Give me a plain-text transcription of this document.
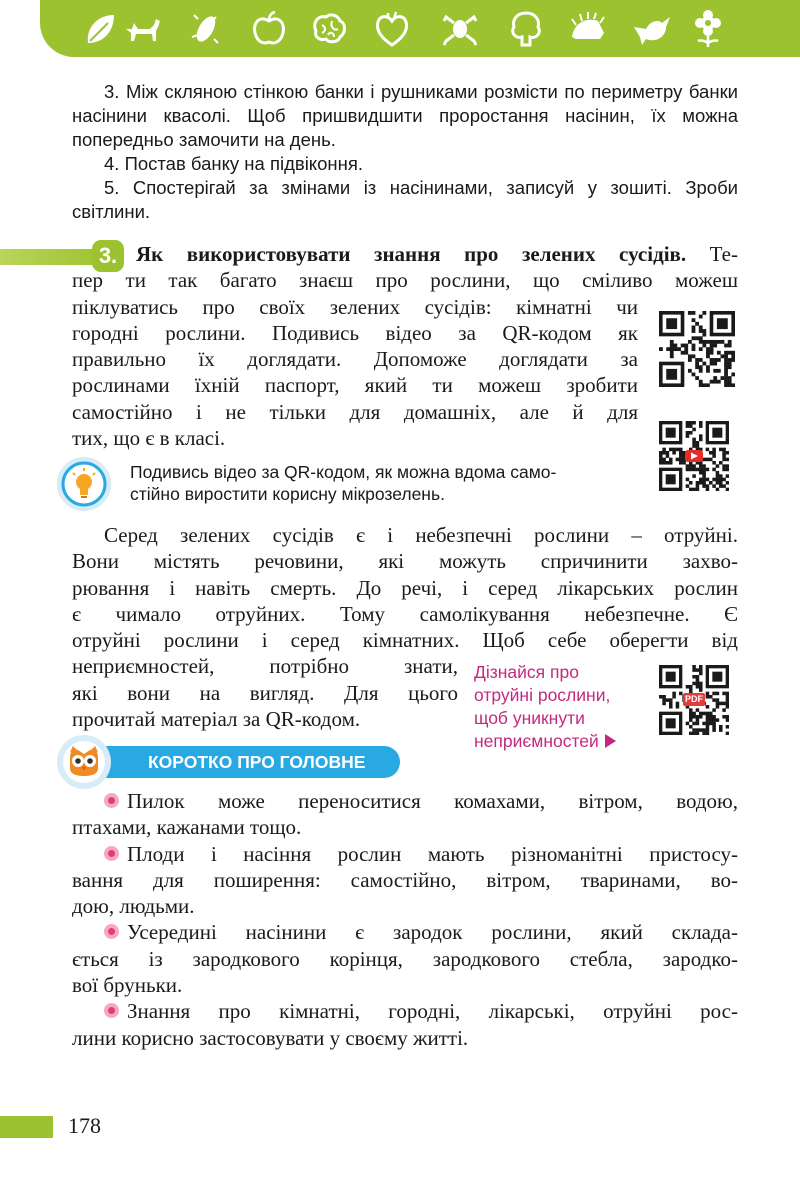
3. Між скляною стінкою банки і рушниками розмісти по периметру банки насінини квасолі. Щоб пришвидшити проростання насінин, їх можна попередньо замочити на день.

4. Постав банку на підвіконня.

5. Спостерігай за змінами із насінинами, записуй у зошиті. Зроби світлини.

3. Як використовувати знання про зелених сусідів. Те-
пер ти так багато знаєш про рослини, що сміливо можеш
піклуватись про своїх зелених сусідів: кімнатні чи
городні рослини. Подивись відео за QR-кодом як
правильно їх доглядати. Допоможе доглядати за
рослинами їхній паспорт, який ти можеш зробити
самостійно і не тільки для домашніх, але й для
тих, що є в класі.
Подивись відео за QR-кодом, як можна вдома само-
стійно виростити корисну мікрозелень.
Серед зелених сусідів є і небезпечні рослини – отруйні.
Вони містять речовини, які можуть спричинити захво-
рювання і навіть смерть. До речі, і серед лікарських рослин
є чимало отруйних. Тому самолікування небезпечне. Є
отруйні рослини і серед кімнатних. Щоб себе оберегти від
неприємностей, потрібно знати,
які вони на вигляд. Для цього
прочитай матеріал за QR-кодом.
Дізнайся про
отруйні рослини,
щоб уникнути
неприємностей
PDF
КОРОТКО ПРО ГОЛОВНЕ
Пилок може переноситися комахами, вітром, водою,
птахами, кажанами тощо.
Плоди і насіння рослин мають різноманітні пристосу-
вання для поширення: самостійно, вітром, тваринами, во-
дою, людьми.
Усередині насінини є зародок рослини, який склада-
ється із зародкового корінця, зародкового стебла, зародко-
вої бруньки.
Знання про кімнатні, городні, лікарські, отруйні рос-
лини корисно застосовувати у своєму житті.
178
